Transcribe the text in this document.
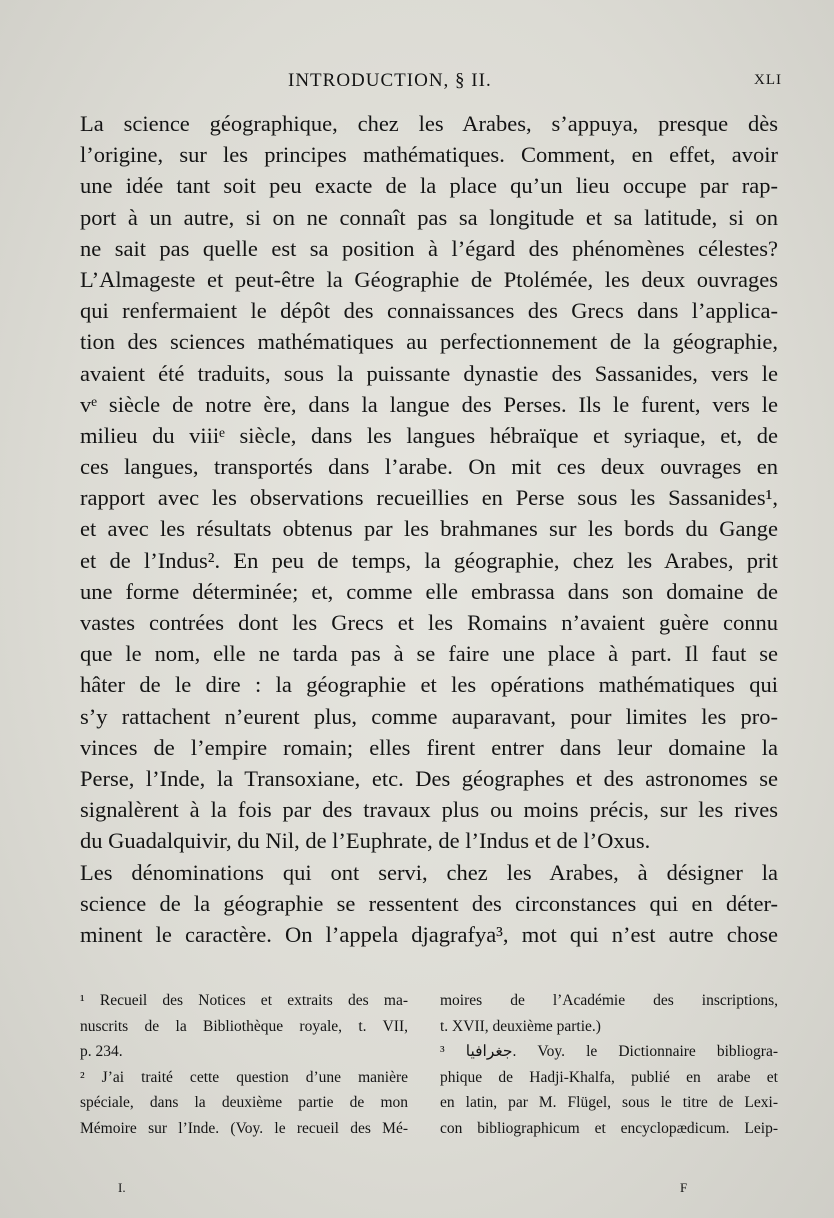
INTRODUCTION, § II.	XLI
La science géographique, chez les Arabes, s’appuya, presque dès
l’origine, sur les principes mathématiques. Comment, en effet, avoir
une idée tant soit peu exacte de la place qu’un lieu occupe par rap-
port à un autre, si on ne connaît pas sa longitude et sa latitude, si on
ne sait pas quelle est sa position à l’égard des phénomènes célestes?
L’Almageste et peut-être la Géographie de Ptolémée, les deux ouvrages
qui renfermaient le dépôt des connaissances des Grecs dans l’applica-
tion des sciences mathématiques au perfectionnement de la géographie,
avaient été traduits, sous la puissante dynastie des Sassanides, vers le
vᵉ siècle de notre ère, dans la langue des Perses. Ils le furent, vers le
milieu du viiiᵉ siècle, dans les langues hébraïque et syriaque, et, de
ces langues, transportés dans l’arabe. On mit ces deux ouvrages en
rapport avec les observations recueillies en Perse sous les Sassanides¹,
et avec les résultats obtenus par les brahmanes sur les bords du Gange
et de l’Indus². En peu de temps, la géographie, chez les Arabes, prit
une forme déterminée; et, comme elle embrassa dans son domaine de
vastes contrées dont les Grecs et les Romains n’avaient guère connu
que le nom, elle ne tarda pas à se faire une place à part. Il faut se
hâter de le dire : la géographie et les opérations mathématiques qui
s’y rattachent n’eurent plus, comme auparavant, pour limites les pro-
vinces de l’empire romain; elles firent entrer dans leur domaine la
Perse, l’Inde, la Transoxiane, etc. Des géographes et des astronomes se
signalèrent à la fois par des travaux plus ou moins précis, sur les rives
du Guadalquivir, du Nil, de l’Euphrate, de l’Indus et de l’Oxus.
Les dénominations qui ont servi, chez les Arabes, à désigner la
science de la géographie se ressentent des circonstances qui en déter-
minent le caractère. On l’appela djagrafya³, mot qui n’est autre chose
¹ Recueil des Notices et extraits des ma-
nuscrits de la Bibliothèque royale, t. VII,
p. 234.
² J’ai traité cette question d’une manière
spéciale, dans la deuxième partie de mon
Mémoire sur l’Inde. (Voy. le recueil des Mé-
moires de l’Académie des inscriptions,
t. XVII, deuxième partie.)
³ جغرافيا. Voy. le Dictionnaire bibliogra-
phique de Hadji-Khalfa, publié en arabe et
en latin, par M. Flügel, sous le titre de Lexi-
con bibliographicum et encyclopædicum. Leip-
I.	F
